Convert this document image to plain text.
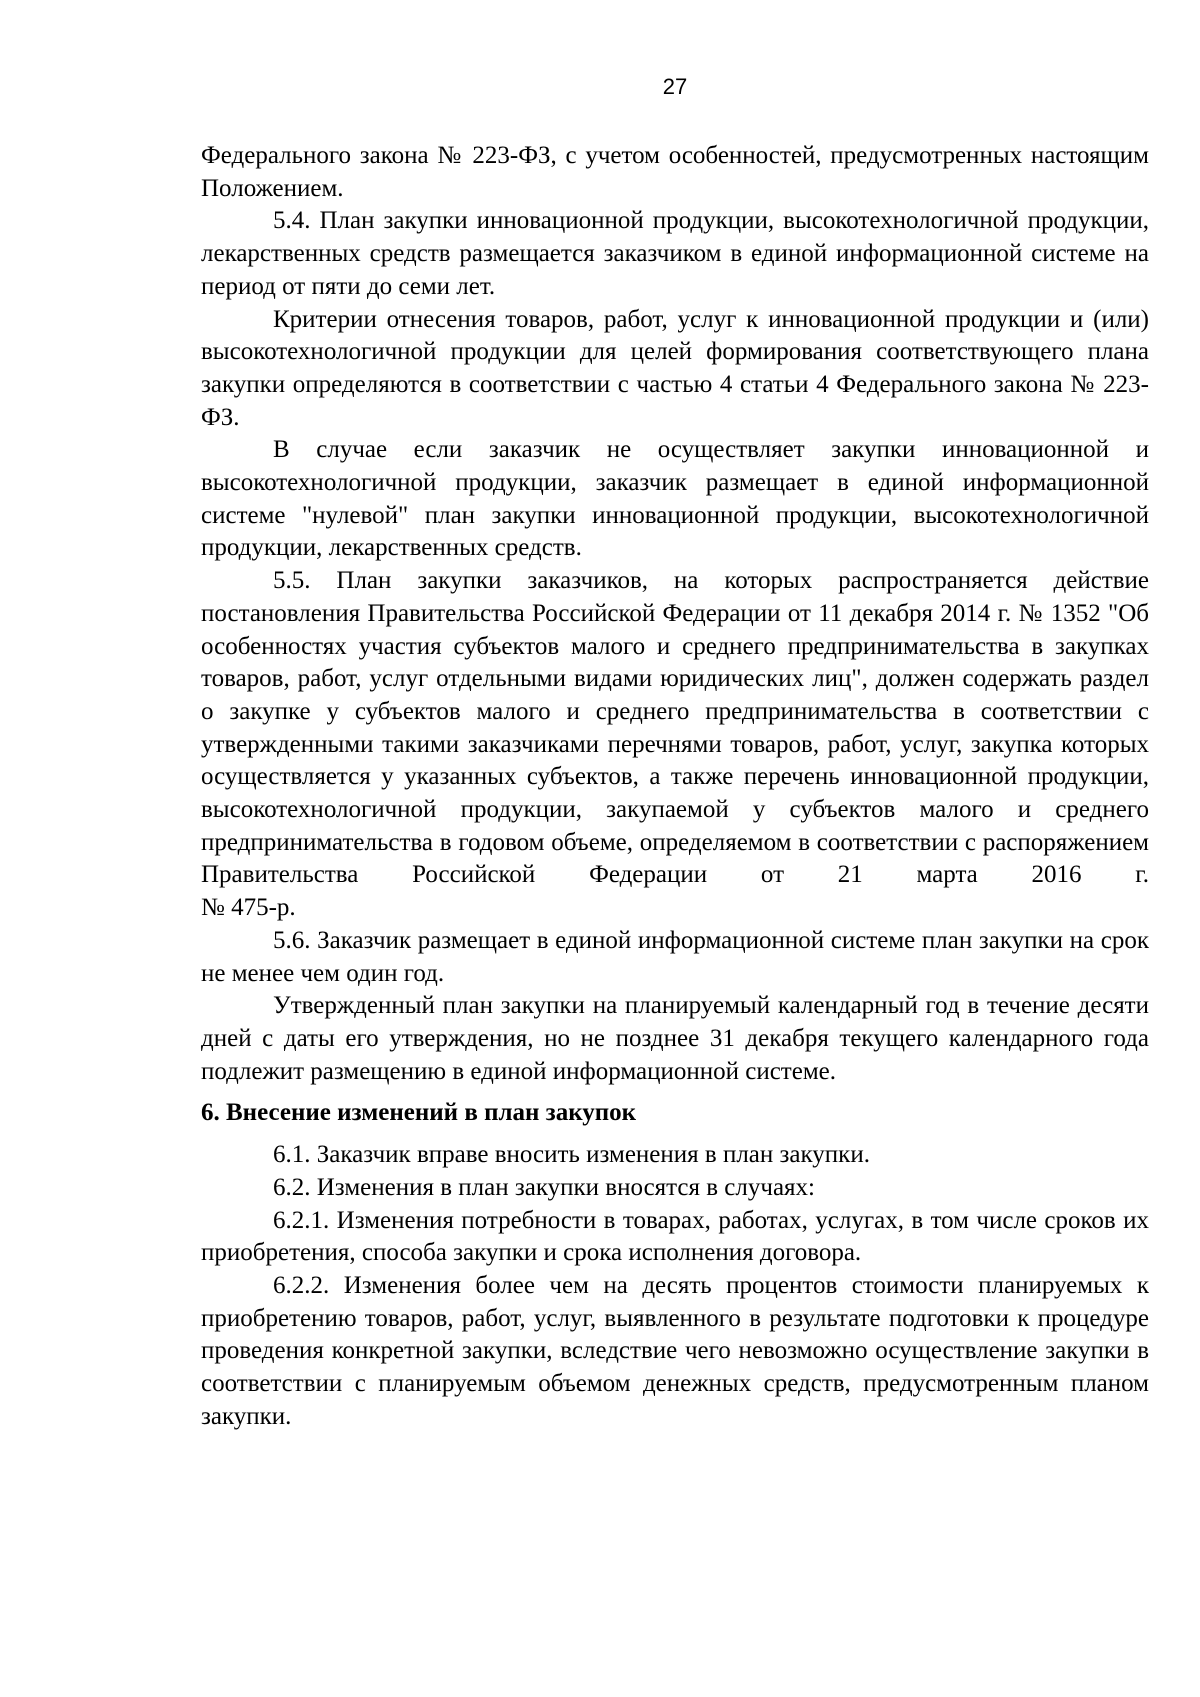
27

Федерального закона № 223-ФЗ, с учетом особенностей, предусмотренных настоящим Положением.

5.4. План закупки инновационной продукции, высокотехнологичной продукции, лекарственных средств размещается заказчиком в единой информационной системе на период от пяти до семи лет.

Критерии отнесения товаров, работ, услуг к инновационной продукции и (или) высокотехнологичной продукции для целей формирования соответствующего плана закупки определяются в соответствии с частью 4 статьи 4 Федерального закона № 223-ФЗ.

В случае если заказчик не осуществляет закупки инновационной и высокотехнологичной продукции, заказчик размещает в единой информационной системе "нулевой" план закупки инновационной продукции, высокотехнологичной продукции, лекарственных средств.

5.5. План закупки заказчиков, на которых распространяется действие постановления Правительства Российской Федерации от 11 декабря 2014 г. № 1352 "Об особенностях участия субъектов малого и среднего предпринимательства в закупках товаров, работ, услуг отдельными видами юридических лиц", должен содержать раздел о закупке у субъектов малого и среднего предпринимательства в соответствии с утвержденными такими заказчиками перечнями товаров, работ, услуг, закупка которых осуществляется у указанных субъектов, а также перечень инновационной продукции, высокотехнологичной продукции, закупаемой у субъектов малого и среднего предпринимательства в годовом объеме, определяемом в соответствии с распоряжением Правительства Российской Федерации от 21 марта 2016 г.

№ 475-р.

5.6. Заказчик размещает в единой информационной системе план закупки на срок не менее чем один год.

Утвержденный план закупки на планируемый календарный год в течение десяти дней с даты его утверждения, но не позднее 31 декабря текущего календарного года подлежит размещению в единой информационной системе.

6. Внесение изменений в план закупок

6.1. Заказчик вправе вносить изменения в план закупки.

6.2. Изменения в план закупки вносятся в случаях:

6.2.1. Изменения потребности в товарах, работах, услугах, в том числе сроков их приобретения, способа закупки и срока исполнения договора.

6.2.2. Изменения более чем на десять процентов стоимости планируемых к приобретению товаров, работ, услуг, выявленного в результате подготовки к процедуре проведения конкретной закупки, вследствие чего невозможно осуществление закупки в соответствии с планируемым объемом денежных средств, предусмотренным планом закупки.
